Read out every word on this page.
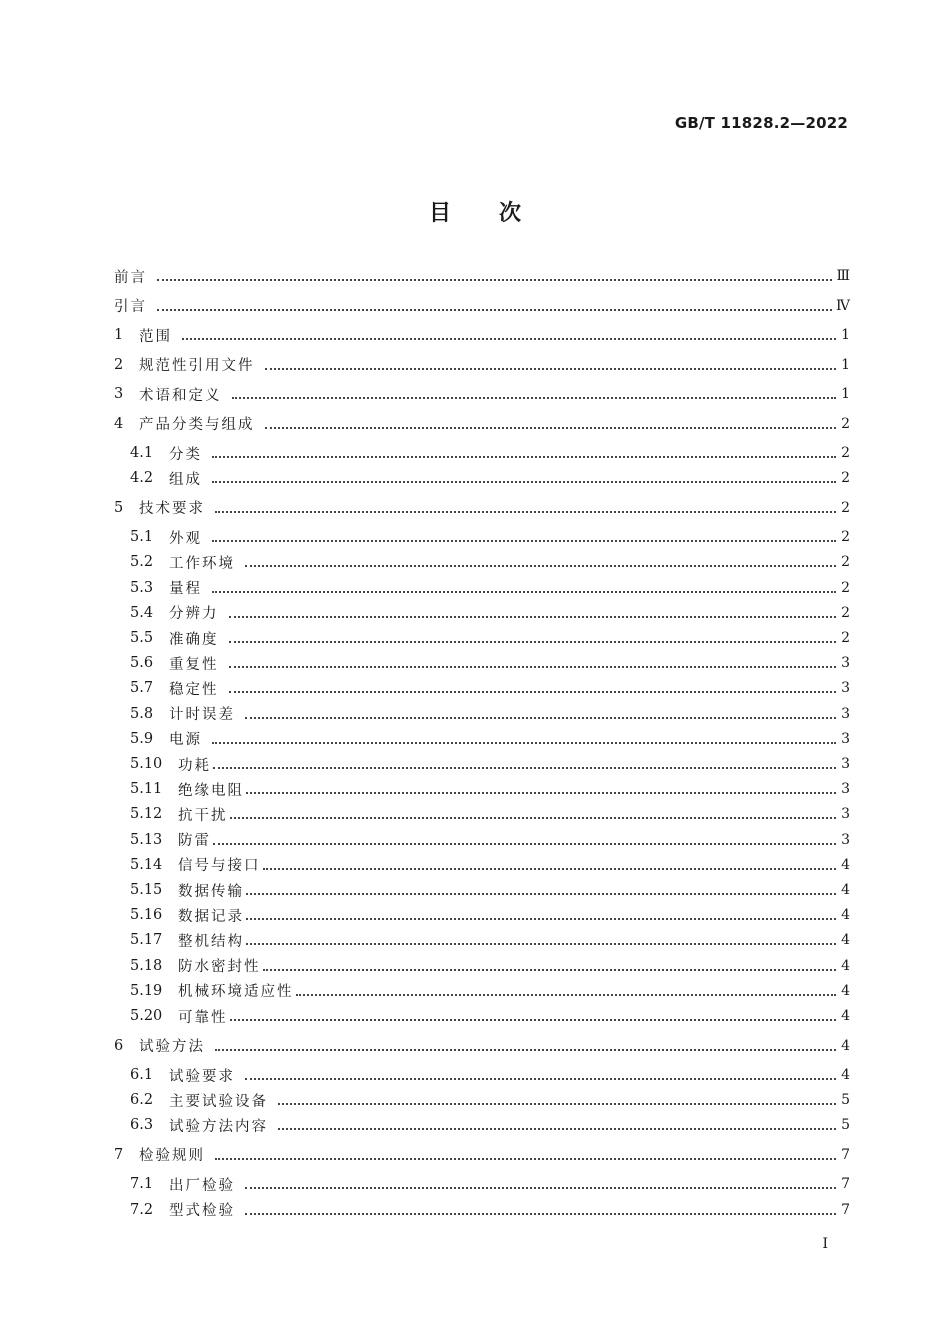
GB/T 11828.2—2022
目 次
前言	Ⅲ
引言	Ⅳ
1	范围	1
2	规范性引用文件	1
3	术语和定义	1
4	产品分类与组成	2
4.1	分类	2
4.2	组成	2
5	技术要求	2
5.1	外观	2
5.2	工作环境	2
5.3	量程	2
5.4	分辨力	2
5.5	准确度	2
5.6	重复性	3
5.7	稳定性	3
5.8	计时误差	3
5.9	电源	3
5.10	功耗	3
5.11	绝缘电阻	3
5.12	抗干扰	3
5.13	防雷	3
5.14	信号与接口	4
5.15	数据传输	4
5.16	数据记录	4
5.17	整机结构	4
5.18	防水密封性	4
5.19	机械环境适应性	4
5.20	可靠性	4
6	试验方法	4
6.1	试验要求	4
6.2	主要试验设备	5
6.3	试验方法内容	5
7	检验规则	7
7.1	出厂检验	7
7.2	型式检验	7
Ⅰ
